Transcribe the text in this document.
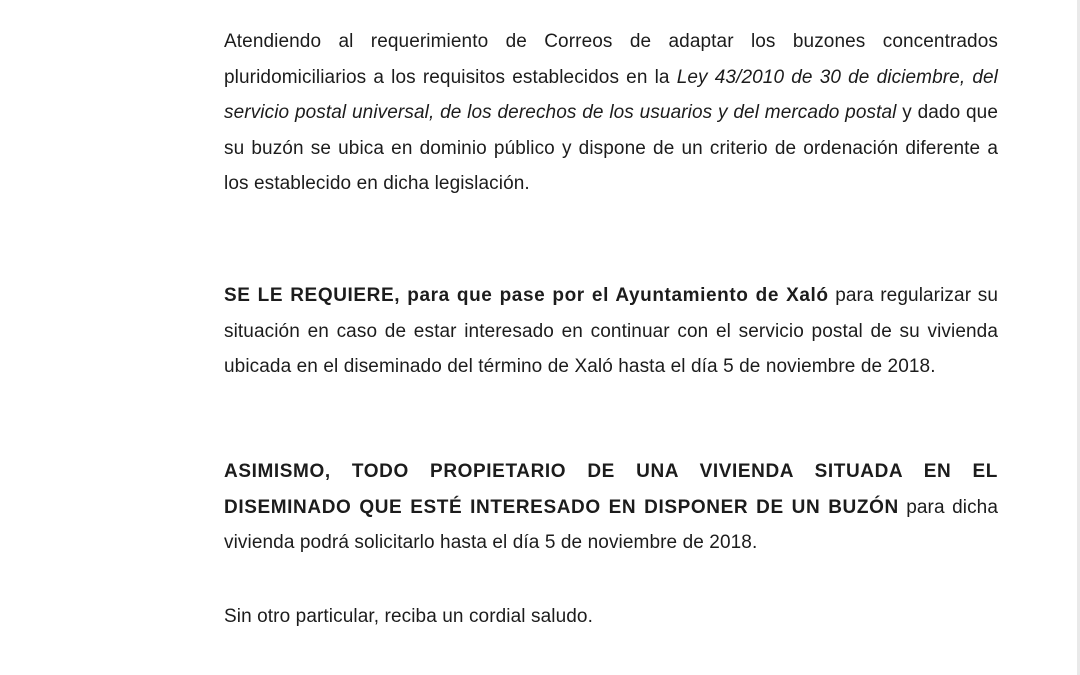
Atendiendo al requerimiento de Correos de adaptar los buzones concentrados pluridomiciliarios a los requisitos establecidos en la Ley 43/2010 de 30 de diciembre, del servicio postal universal, de los derechos de los usuarios y del mercado postal y dado que su buzón se ubica en dominio público y dispone de un criterio de ordenación diferente a los establecido en dicha legislación.

SE LE REQUIERE, para que pase por el Ayuntamiento de Xaló para regularizar su situación en caso de estar interesado en continuar con el servicio postal de su vivienda ubicada en el diseminado del término de Xaló hasta el día 5 de noviembre de 2018.

ASIMISMO, TODO PROPIETARIO DE UNA VIVIENDA SITUADA EN EL DISEMINADO QUE ESTÉ INTERESADO EN DISPONER DE UN BUZÓN para dicha vivienda podrá solicitarlo hasta el día 5 de noviembre de 2018.

Sin otro particular, reciba un cordial saludo.
